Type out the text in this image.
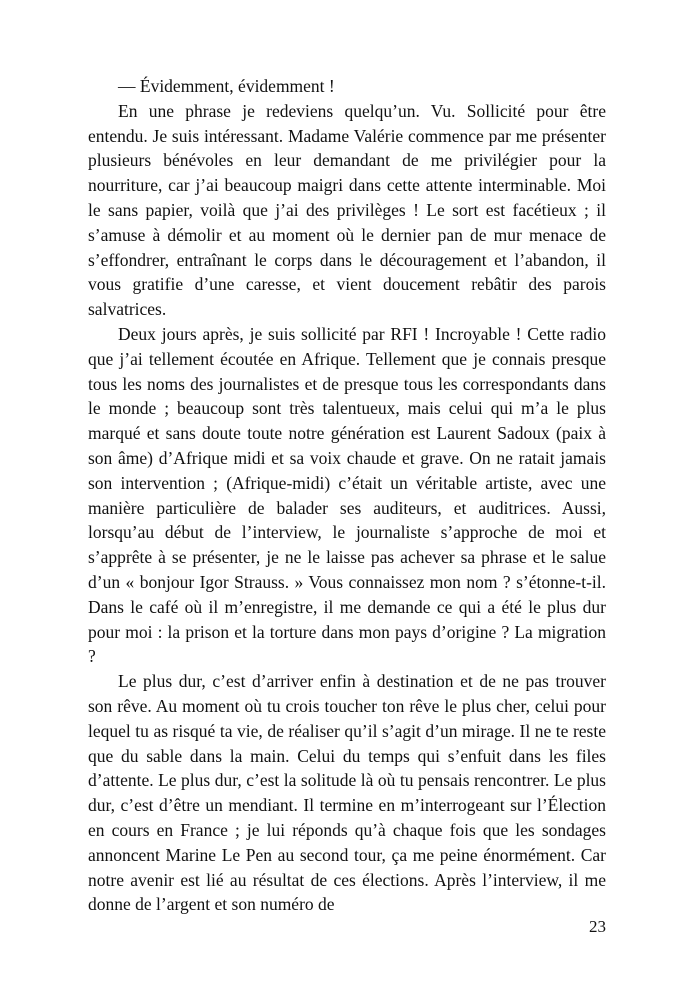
— Évidemment, évidemment !

En une phrase je redeviens quelqu’un. Vu. Sollicité pour être entendu. Je suis intéressant. Madame Valérie commence par me présenter plusieurs bénévoles en leur demandant de me privilégier pour la nourriture, car j’ai beaucoup maigri dans cette attente interminable. Moi le sans papier, voilà que j’ai des privilèges ! Le sort est facétieux ; il s’amuse à démolir et au moment où le dernier pan de mur menace de s’effondrer, entraînant le corps dans le découragement et l’abandon, il vous gratifie d’une caresse, et vient doucement rebâtir des parois salvatrices.

Deux jours après, je suis sollicité par RFI ! Incroyable ! Cette radio que j’ai tellement écoutée en Afrique. Tellement que je connais presque tous les noms des journalistes et de presque tous les correspondants dans le monde ; beaucoup sont très talentueux, mais celui qui m’a le plus marqué et sans doute toute notre génération est Laurent Sadoux (paix à son âme) d’Afrique midi et sa voix chaude et grave. On ne ratait jamais son intervention ; (Afrique-midi) c’était un véritable artiste, avec une manière particulière de balader ses auditeurs, et auditrices. Aussi, lorsqu’au début de l’interview, le journaliste s’approche de moi et s’apprête à se présenter, je ne le laisse pas achever sa phrase et le salue d’un « bonjour Igor Strauss. » Vous connaissez mon nom ? s’étonne-t-il. Dans le café où il m’enregistre, il me demande ce qui a été le plus dur pour moi : la prison et la torture dans mon pays d’origine ? La migration ?

Le plus dur, c’est d’arriver enfin à destination et de ne pas trouver son rêve. Au moment où tu crois toucher ton rêve le plus cher, celui pour lequel tu as risqué ta vie, de réaliser qu’il s’agit d’un mirage. Il ne te reste que du sable dans la main. Celui du temps qui s’enfuit dans les files d’attente. Le plus dur, c’est la solitude là où tu pensais rencontrer. Le plus dur, c’est d’être un mendiant. Il termine en m’interrogeant sur l’Élection en cours en France ; je lui réponds qu’à chaque fois que les sondages annoncent Marine Le Pen au second tour, ça me peine énormément. Car notre avenir est lié au résultat de ces élections. Après l’interview, il me donne de l’argent et son numéro de

23
